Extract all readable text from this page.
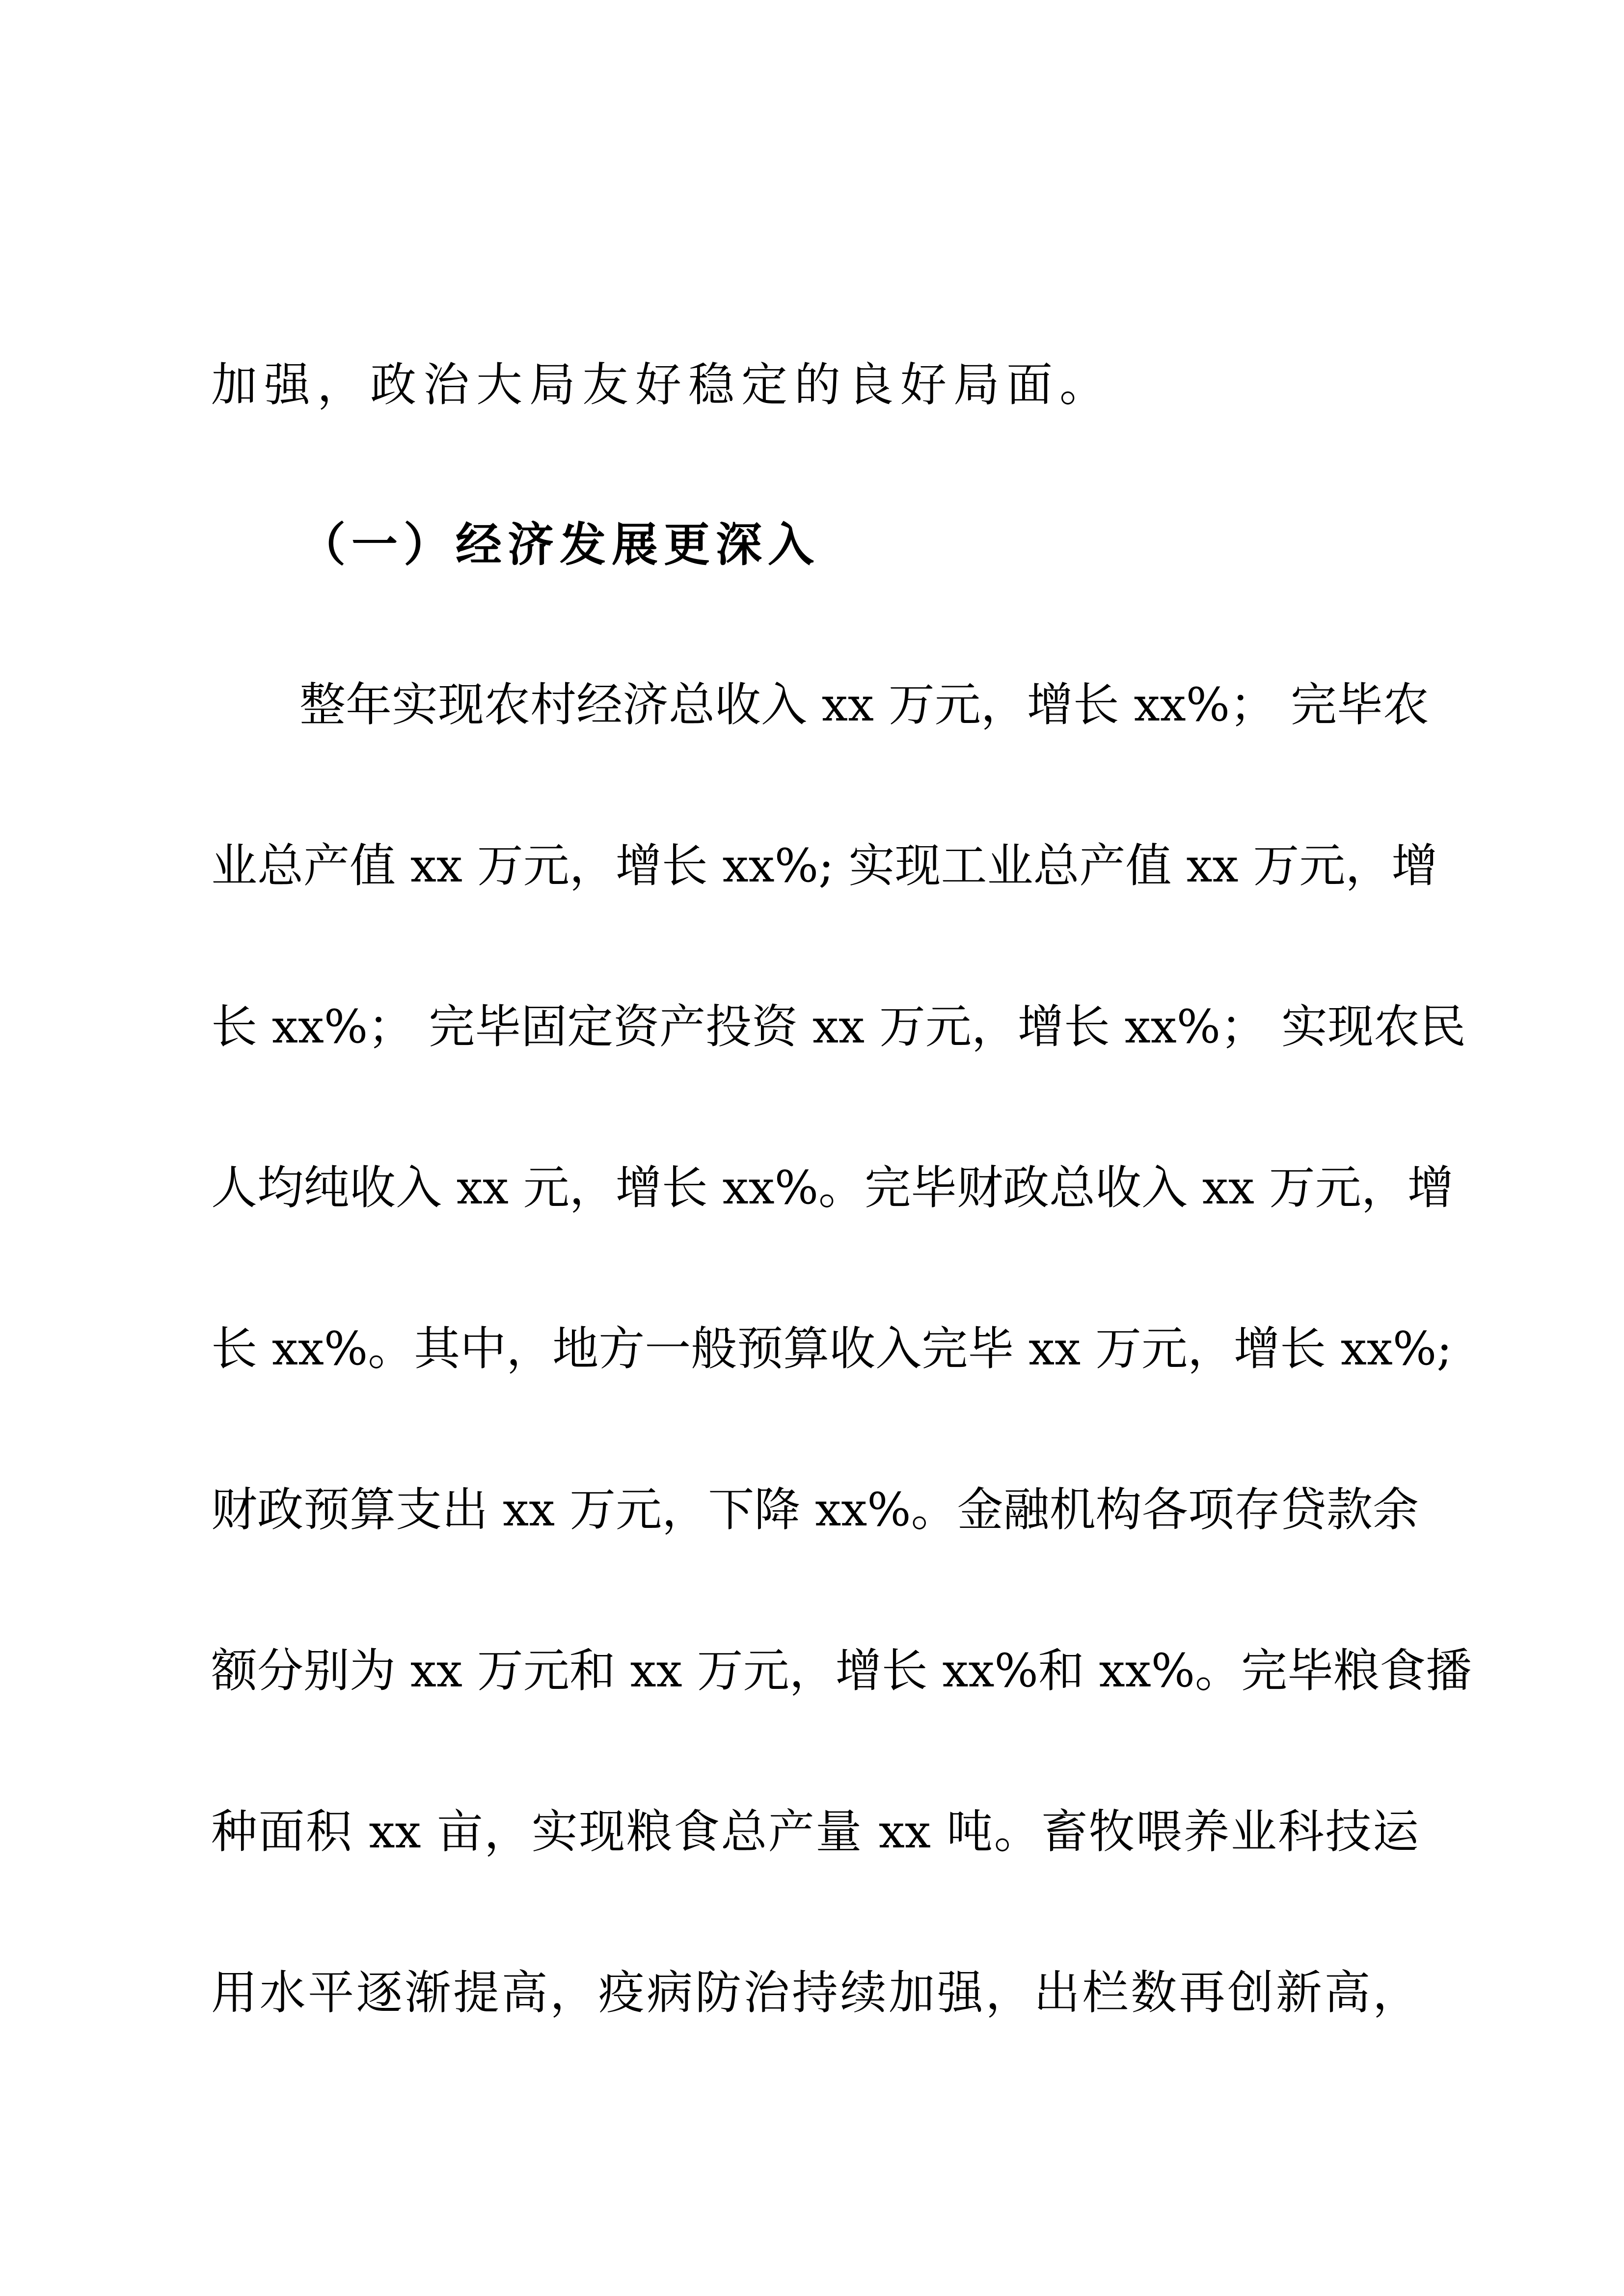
加强，政治大局友好稳定的良好局面。
（一）经济发展更深入
整年实现农村经济总收入 xx 万元，增长 xx%； 完毕农
业总产值 xx 万元，增长 xx%; 实现工业总产值 xx 万元，增
长 xx%； 完毕固定资产投资 xx 万元，增长 xx%； 实现农民
人均纯收入 xx 元，增长 xx%。完毕财政总收入 xx 万元，增
长 xx%。其中，地方一般预算收入完毕 xx 万元，增长 xx%;
财政预算支出 xx 万元，下降 xx%。金融机构各项存贷款余
额分别为 xx 万元和 xx 万元，增长 xx%和 xx%。完毕粮食播
种面积 xx 亩，实现粮食总产量 xx 吨。畜牧喂养业科技运
用水平逐渐提高，疫病防治持续加强，出栏数再创新高，
